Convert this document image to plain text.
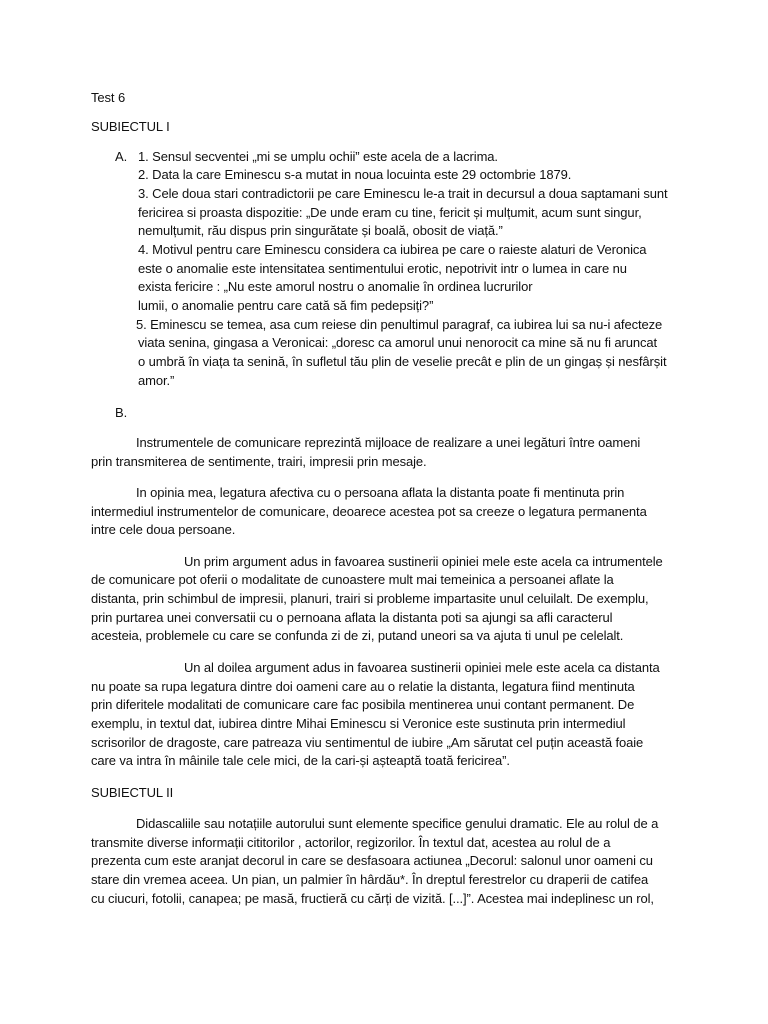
Test 6
SUBIECTUL I
A. 1. Sensul secventei „mi se umplu ochii” este acela de a lacrima.
2. Data la care Eminescu s-a mutat in noua locuinta este 29 octombrie 1879.
3. Cele doua stari contradictorii pe care Eminescu le-a trait in decursul a doua saptamani sunt
fericirea si proasta dispozitie: „De unde eram cu tine, fericit și mulțumit, acum sunt singur,
nemulțumit, rău dispus prin singurătate și boală, obosit de viață.”
4. Motivul pentru care Eminescu considera ca iubirea pe care o raieste alaturi de Veronica
este o anomalie este intensitatea sentimentului erotic, nepotrivit intr o lumea in care nu
exista fericire : „Nu este amorul nostru o anomalie în ordinea lucrurilor
lumii, o anomalie pentru care cată să fim pedepsiți?”
5. Eminescu se temea, asa cum reiese din penultimul paragraf, ca iubirea lui sa nu-i afecteze
viata senina, gingasa a Veronicai: „doresc ca amorul unui nenorocit ca mine să nu fi aruncat
o umbră în viața ta senină, în sufletul tău plin de veselie precât e plin de un gingaș și nesfârșit
amor.”
B.
Instrumentele de comunicare reprezintă mijloace de realizare a unei legături între oameni
prin transmiterea de sentimente, trairi, impresii prin mesaje.
In opinia mea, legatura afectiva cu o persoana aflata la distanta poate fi mentinuta prin
intermediul instrumentelor de comunicare, deoarece acestea pot sa creeze o legatura permanenta
intre cele doua persoane.
Un prim argument adus in favoarea sustinerii opiniei mele este acela ca intrumentele
de comunicare pot oferii o modalitate de cunoastere mult mai temeinica a persoanei aflate la
distanta, prin schimbul de impresii, planuri, trairi si probleme impartasite unul celuilalt. De exemplu,
prin purtarea unei conversatii cu o pernoana aflata la distanta poti sa ajungi sa afli caracterul
acesteia, problemele cu care se confunda zi de zi, putand uneori sa va ajuta ti unul pe celelalt.
Un al doilea argument adus in favoarea sustinerii opiniei mele este acela ca distanta
nu poate sa rupa legatura dintre doi oameni care au o relatie la distanta, legatura fiind mentinuta
prin diferitele modalitati de comunicare care fac posibila mentinerea unui contant permanent. De
exemplu, in textul dat, iubirea dintre Mihai Eminescu si Veronice este sustinuta prin intermediul
scrisorilor de dragoste, care patreaza viu sentimentul de iubire „Am sărutat cel puțin această foaie
care va intra în mâinile tale cele mici, de la cari-și așteaptă toată fericirea”.
SUBIECTUL II
Didascaliile sau notațiile autorului sunt elemente specifice genului dramatic. Ele au rolul de a
transmite diverse informații cititorilor , actorilor, regizorilor. În textul dat, acestea au rolul de a
prezenta cum este aranjat decorul in care se desfasoara actiunea „Decorul: salonul unor oameni cu
stare din vremea aceea. Un pian, un palmier în hârdău*. În dreptul ferestrelor cu draperii de catifea
cu ciucuri, fotolii, canapea; pe masă, fructieră cu cărți de vizită. [...]”. Acestea mai indeplinesc un rol,
